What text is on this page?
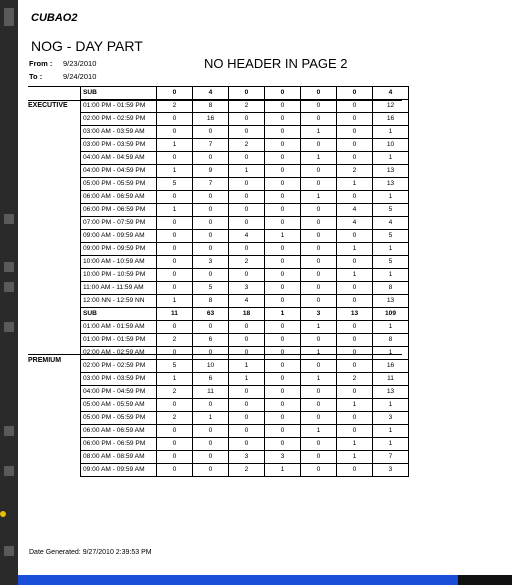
CUBAO2
NOG - DAY PART
From : 9/23/2010
To :	9/24/2010
NO HEADER IN PAGE 2
EXECUTIVE
PREMIUM
SUB	0	4	0	0	0	0	4
01:00 PM - 01:59 PM	2	8	2	0	0	0	12
02:00 PM - 02:59 PM	0	16	0	0	0	0	16
03:00 AM - 03:59 AM	0	0	0	0	1	0	1
03:00 PM - 03:59 PM	1	7	2	0	0	0	10
04:00 AM - 04:59 AM	0	0	0	0	1	0	1
04:00 PM - 04:59 PM	1	9	1	0	0	2	13
05:00 PM - 05:59 PM	5	7	0	0	0	1	13
06:00 AM - 06:59 AM	0	0	0	0	1	0	1
06:00 PM - 06:59 PM	1	0	0	0	0	4	5
07:00 PM - 07:59 PM	0	0	0	0	0	4	4
09:00 AM - 09:59 AM	0	0	4	1	0	0	5
09:00 PM - 09:59 PM	0	0	0	0	0	1	1
10:00 AM - 10:59 AM	0	3	2	0	0	0	5
10:00 PM - 10:59 PM	0	0	0	0	0	1	1
11:00 AM - 11:59 AM	0	5	3	0	0	0	8
12:00 NN - 12:59 NN	1	8	4	0	0	0	13
SUB	11	63	18	1	3	13	109
01:00 AM - 01:59 AM	0	0	0	0	1	0	1
01:00 PM - 01:59 PM	2	6	0	0	0	0	8
02:00 AM - 02:59 AM	0	0	0	0	1	0	1
02:00 PM - 02:59 PM	5	10	1	0	0	0	16
03:00 PM - 03:59 PM	1	6	1	0	1	2	11
04:00 PM - 04:59 PM	2	11	0	0	0	0	13
05:00 AM - 05:59 AM	0	0	0	0	0	1	1
05:00 PM - 05:59 PM	2	1	0	0	0	0	3
06:00 AM - 06:59 AM	0	0	0	0	1	0	1
06:00 PM - 06:59 PM	0	0	0	0	0	1	1
08:00 AM - 08:59 AM	0	0	3	3	0	1	7
09:00 AM - 09:59 AM	0	0	2	1	0	0	3
Date Generated: 9/27/2010 2:39:53 PM
